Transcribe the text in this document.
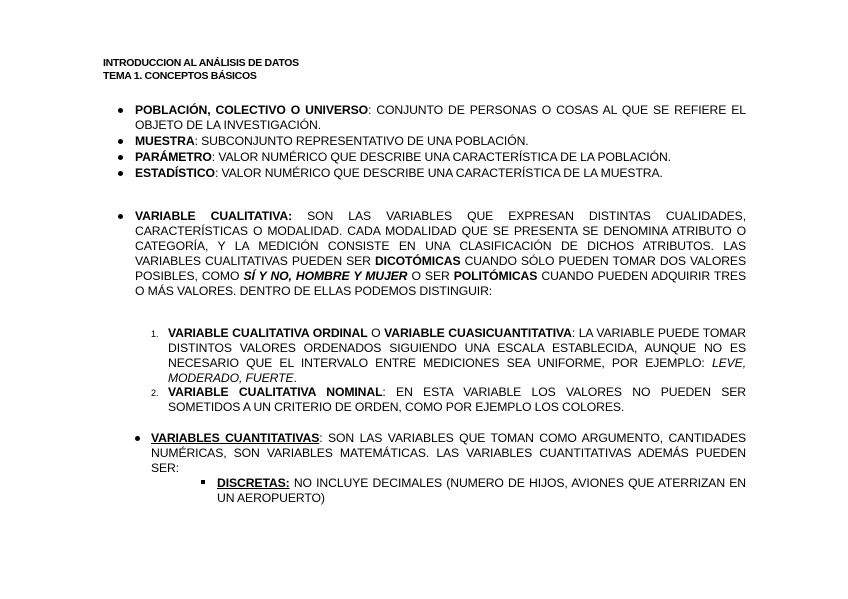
INTRODUCCION AL ANÁLISIS DE DATOS
TEMA 1. CONCEPTOS BÁSICOS
POBLACIÓN, COLECTIVO O UNIVERSO: CONJUNTO DE PERSONAS O COSAS AL QUE SE REFIERE EL OBJETO DE LA INVESTIGACIÓN.
MUESTRA: SUBCONJUNTO REPRESENTATIVO DE UNA POBLACIÓN.
PARÁMETRO: VALOR NUMÉRICO QUE DESCRIBE UNA CARACTERÍSTICA DE LA POBLACIÓN.
ESTADÍSTICO: VALOR NUMÉRICO QUE DESCRIBE UNA CARACTERÍSTICA DE LA MUESTRA.
VARIABLE CUALITATIVA: SON LAS VARIABLES QUE EXPRESAN DISTINTAS CUALIDADES, CARACTERÍSTICAS O MODALIDAD. CADA MODALIDAD QUE SE PRESENTA SE DENOMINA ATRIBUTO O CATEGORÍA, Y LA MEDICIÓN CONSISTE EN UNA CLASIFICACIÓN DE DICHOS ATRIBUTOS. LAS VARIABLES CUALITATIVAS PUEDEN SER DICOTÓMICAS CUANDO SÓLO PUEDEN TOMAR DOS VALORES POSIBLES, COMO SÍ Y NO, HOMBRE Y MUJER O SER POLITÓMICAS CUANDO PUEDEN ADQUIRIR TRES O MÁS VALORES. DENTRO DE ELLAS PODEMOS DISTINGUIR:
1. VARIABLE CUALITATIVA ORDINAL O VARIABLE CUASICUANTITATIVA: LA VARIABLE PUEDE TOMAR DISTINTOS VALORES ORDENADOS SIGUIENDO UNA ESCALA ESTABLECIDA, AUNQUE NO ES NECESARIO QUE EL INTERVALO ENTRE MEDICIONES SEA UNIFORME, POR EJEMPLO: LEVE, MODERADO, FUERTE.
2. VARIABLE CUALITATIVA NOMINAL: EN ESTA VARIABLE LOS VALORES NO PUEDEN SER SOMETIDOS A UN CRITERIO DE ORDEN, COMO POR EJEMPLO LOS COLORES.
VARIABLES CUANTITATIVAS: SON LAS VARIABLES QUE TOMAN COMO ARGUMENTO, CANTIDADES NUMÉRICAS, SON VARIABLES MATEMÁTICAS. LAS VARIABLES CUANTITATIVAS ADEMÁS PUEDEN SER:
DISCRETAS: NO INCLUYE DECIMALES (NUMERO DE HIJOS, AVIONES QUE ATERRIZAN EN UN AEROPUERTO)
